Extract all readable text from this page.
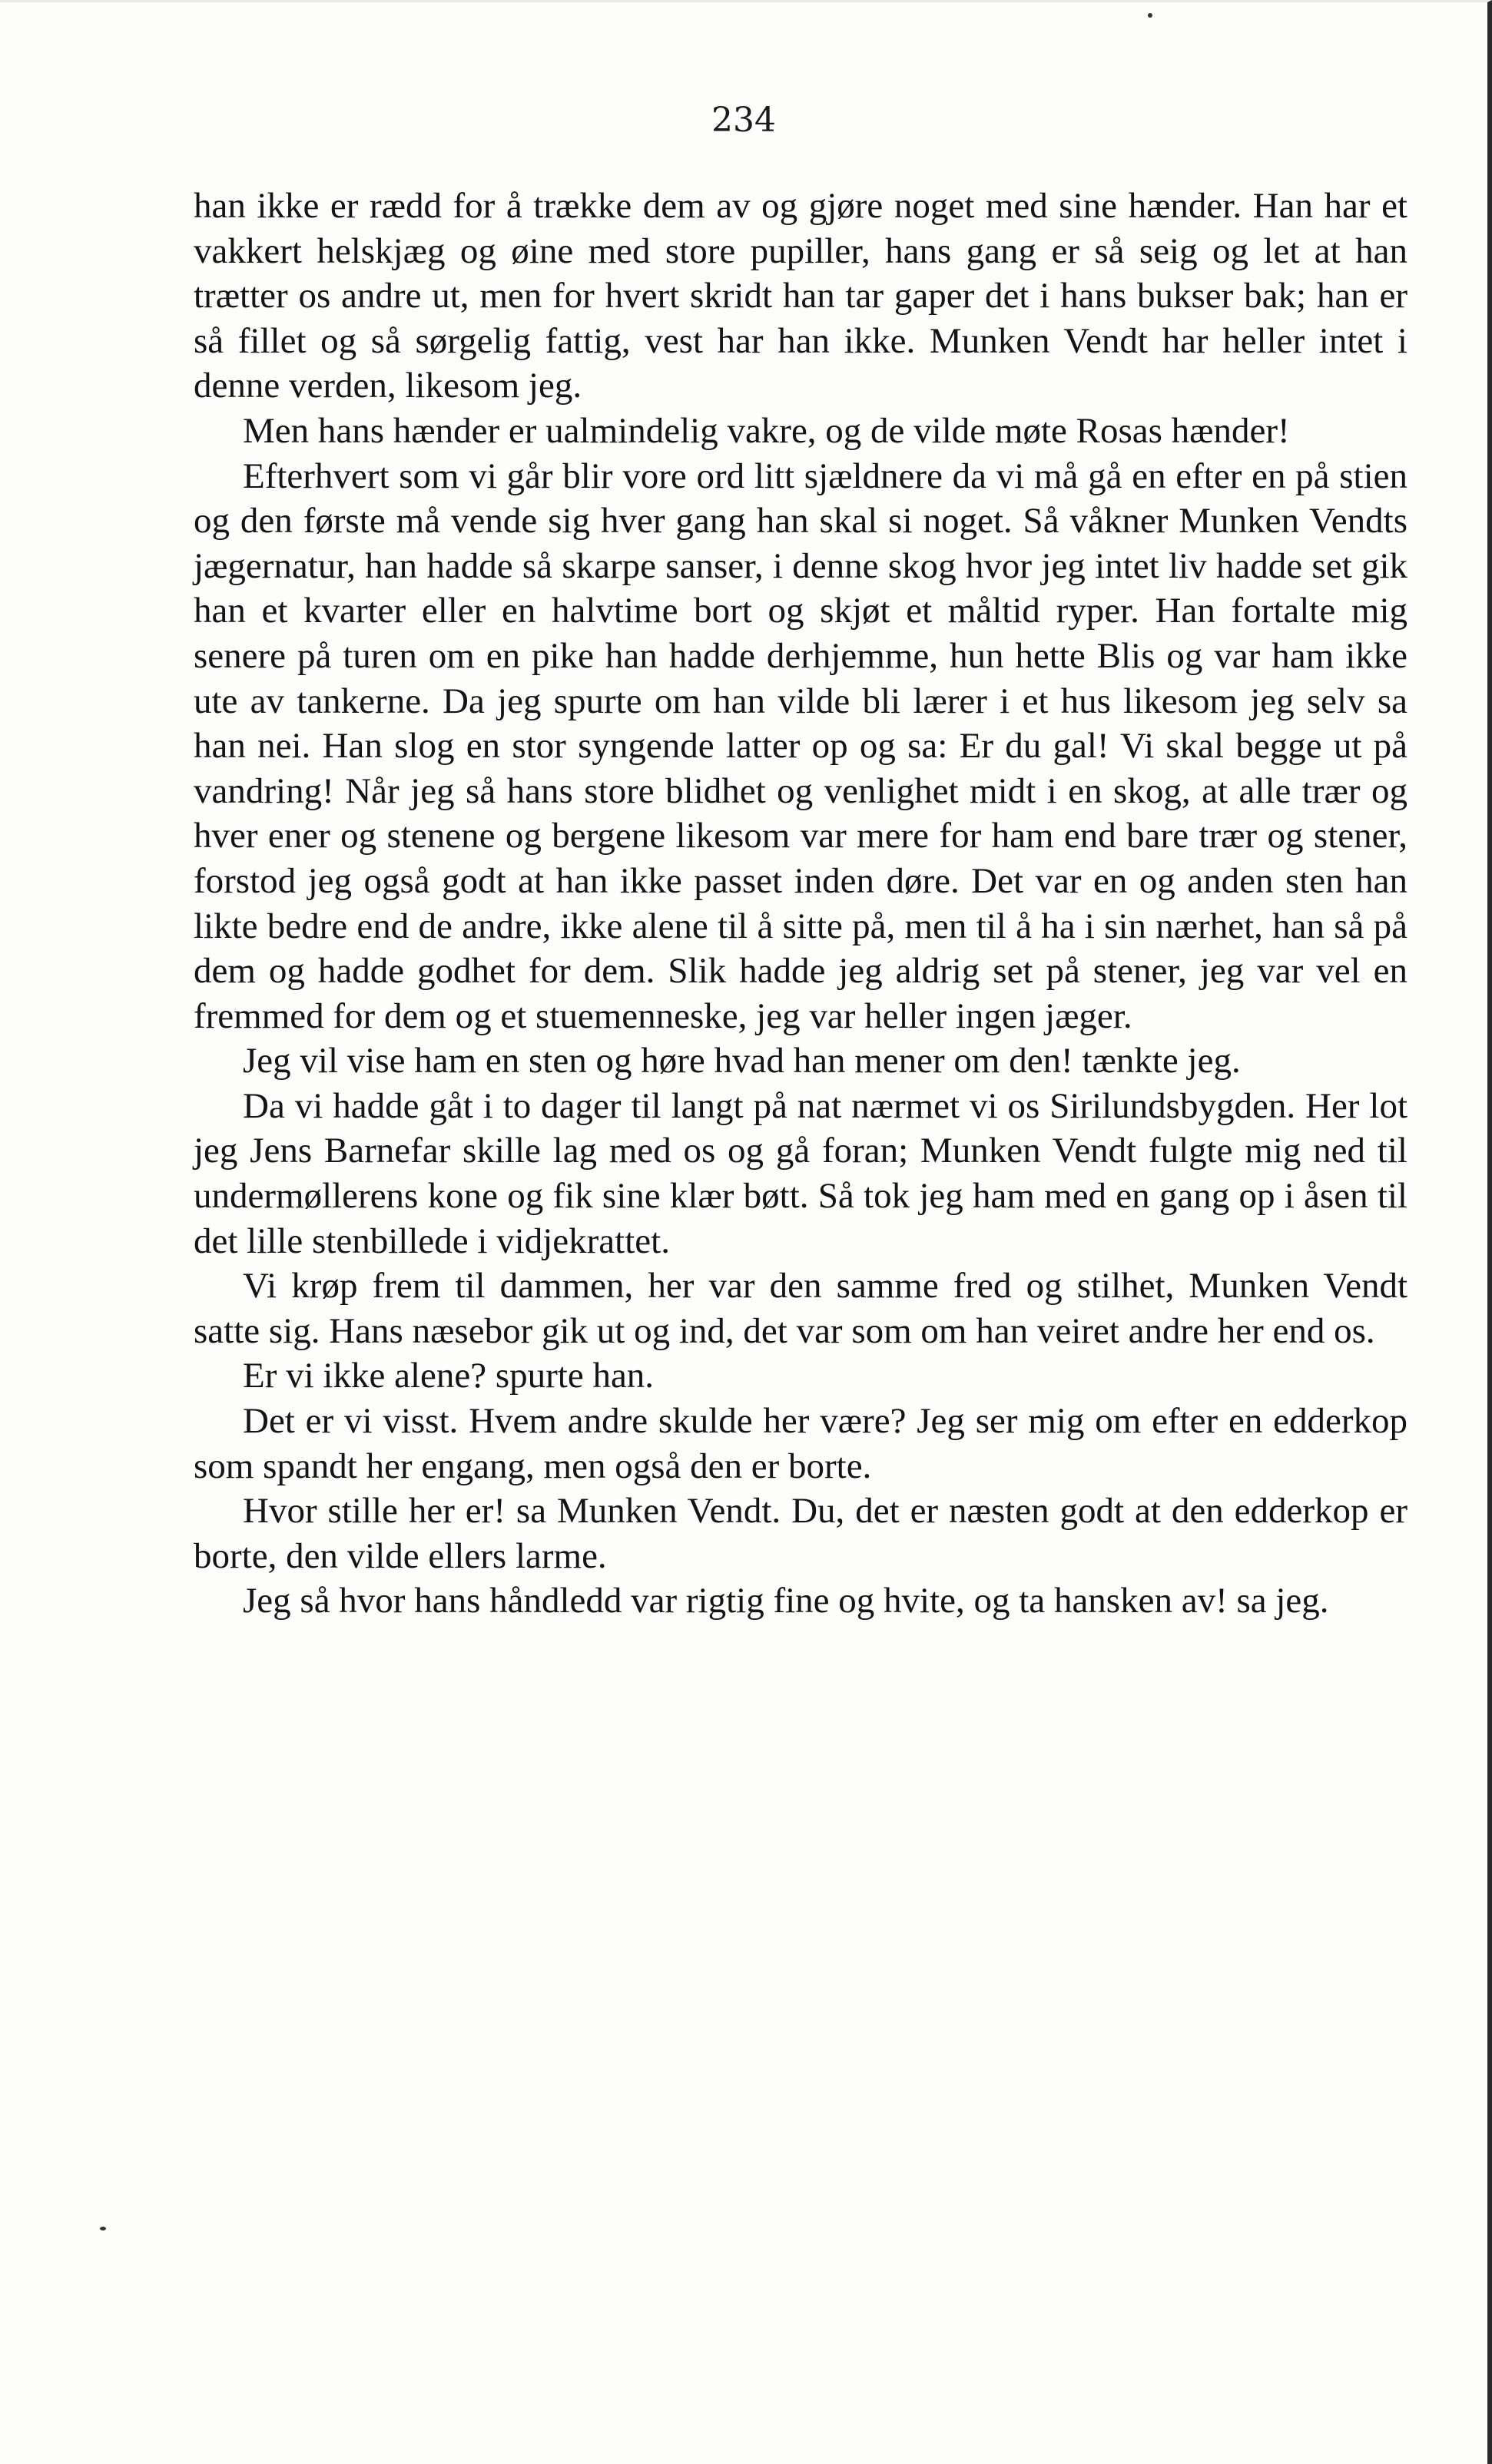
234

han ikke er rædd for å trække dem av og gjøre noget med sine hænder. Han har et vakkert helskjæg og øine med store pupiller, hans gang er så seig og let at han trætter os andre ut, men for hvert skridt han tar gaper det i hans bukser bak; han er så fillet og så sørgelig fattig, vest har han ikke. Munken Vendt har heller intet i denne verden, likesom jeg.

Men hans hænder er ualmindelig vakre, og de vilde møte Rosas hænder!

Efterhvert som vi går blir vore ord litt sjældnere da vi må gå en efter en på stien og den første må vende sig hver gang han skal si noget. Så våkner Munken Vendts jægernatur, han hadde så skarpe sanser, i denne skog hvor jeg intet liv hadde set gik han et kvarter eller en halvtime bort og skjøt et måltid ryper. Han fortalte mig senere på turen om en pike han hadde derhjemme, hun hette Blis og var ham ikke ute av tankerne. Da jeg spurte om han vilde bli lærer i et hus likesom jeg selv sa han nei. Han slog en stor syngende latter op og sa: Er du gal! Vi skal begge ut på vandring! Når jeg så hans store blidhet og venlighet midt i en skog, at alle trær og hver ener og stenene og bergene likesom var mere for ham end bare trær og stener, forstod jeg også godt at han ikke passet inden døre. Det var en og anden sten han likte bedre end de andre, ikke alene til å sitte på, men til å ha i sin nærhet, han så på dem og hadde godhet for dem. Slik hadde jeg aldrig set på stener, jeg var vel en fremmed for dem og et stuemenneske, jeg var heller ingen jæger.

Jeg vil vise ham en sten og høre hvad han mener om den! tænkte jeg.

Da vi hadde gåt i to dager til langt på nat nærmet vi os Sirilundsbygden. Her lot jeg Jens Barnefar skille lag med os og gå foran; Munken Vendt fulgte mig ned til undermøllerens kone og fik sine klær bøtt. Så tok jeg ham med en gang op i åsen til det lille stenbillede i vidjekrattet.

Vi krøp frem til dammen, her var den samme fred og stilhet, Munken Vendt satte sig. Hans næsebor gik ut og ind, det var som om han veiret andre her end os.

Er vi ikke alene? spurte han.

Det er vi visst. Hvem andre skulde her være? Jeg ser mig om efter en edderkop som spandt her engang, men også den er borte.

Hvor stille her er! sa Munken Vendt. Du, det er næsten godt at den edderkop er borte, den vilde ellers larme.

Jeg så hvor hans håndledd var rigtig fine og hvite, og ta hansken av! sa jeg.
